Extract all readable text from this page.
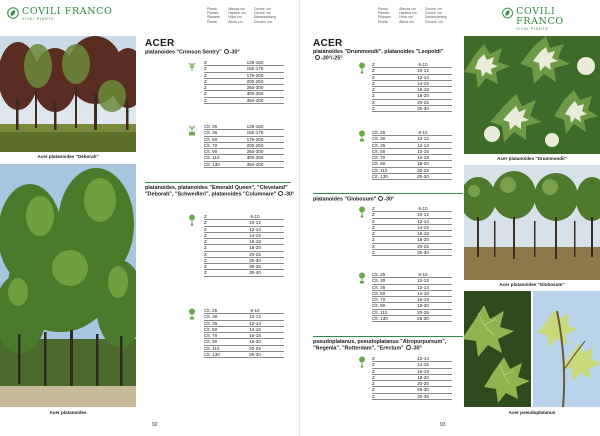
COVILI FRANCO
VIVAI PIANTE
Pianta
Plantes
Pflanzen
Planta
Altezza cm
Hauteur cm
Höhe cm
Altura cm
Circonf. cm
Circonf. cm
Stammumfang
Circumf. cm
Acer platanoides "Deborah"
Acer platanoides
ACER
platanoides "Crimson Sentry" -30°
Z	125-150
Z	150-175
Z	175-200
Z	200-250
Z	250-300
Z	300-350
Z	350-400
Clt. 35	125-150
Clt. 35	150-175
Clt. 50	175-200
Clt. 70	200-250
Clt. 90	250-300
Clt. 110	300-350
Clt. 130	350-400
platanoides, platanoides "Emerald Queen", "Cleveland" "Deborah", "Schwedleri", platanoides "Columnare" -30°
Z	8-10
Z	10-12
Z	12-14
Z	14-16
Z	16-18
Z	18-20
Z	20-25
Z	25-30
Z	30-35
Z	35-40
Clt. 25	8-10
Clt. 30	10-12
Clt. 35	12-14
Clt. 50	14-16
Clt. 70	16-18
Clt. 90	18-20
Clt. 110	20-25
Clt. 130	25-30
92
Pianta
Plantes
Pflanzen
Planta
Altezza cm
Hauteur cm
Höhe cm
Altura cm
Circonf. cm
Circonf. cm
Stammumfang
Circumf. cm
COVILI FRANCO
VIVAI PIANTE
ACER
platanoides "Drummondii", platanoides "Leopoldi"
-30°/-25°
Z	8-10
Z	10-12
Z	12-14
Z	14-16
Z	16-18
Z	18-20
Z	20-25
Z	25-30
Clt. 25	8-10
Clt. 30	10-12
Clt. 35	12-14
Clt. 50	14-16
Clt. 70	16-18
Clt. 90	18-20
Clt. 110	20-25
Clt. 130	25-30
platanoides "Globosum" -30°
Z	8-10
Z	10-12
Z	12-14
Z	14-16
Z	16-18
Z	18-20
Z	20-25
Z	25-30
Clt. 25	8-10
Clt. 30	10-12
Clt. 35	12-14
Clt. 50	14-16
Clt. 70	16-18
Clt. 90	18-20
Clt. 110	20-25
Clt. 130	25-30
pseudoplatanus, pseudoplatanus "Atropurpureum", "Negenia", "Rotterdam", "Erectum" -30°
Z	12-14
Z	14-16
Z	16-18
Z	18-20
Z	20-25
Z	25-30
Z	30-35
Acer platanoides "Drummondii"
Acer platanoides "Globosum"
Acer pseudoplatanus
93
